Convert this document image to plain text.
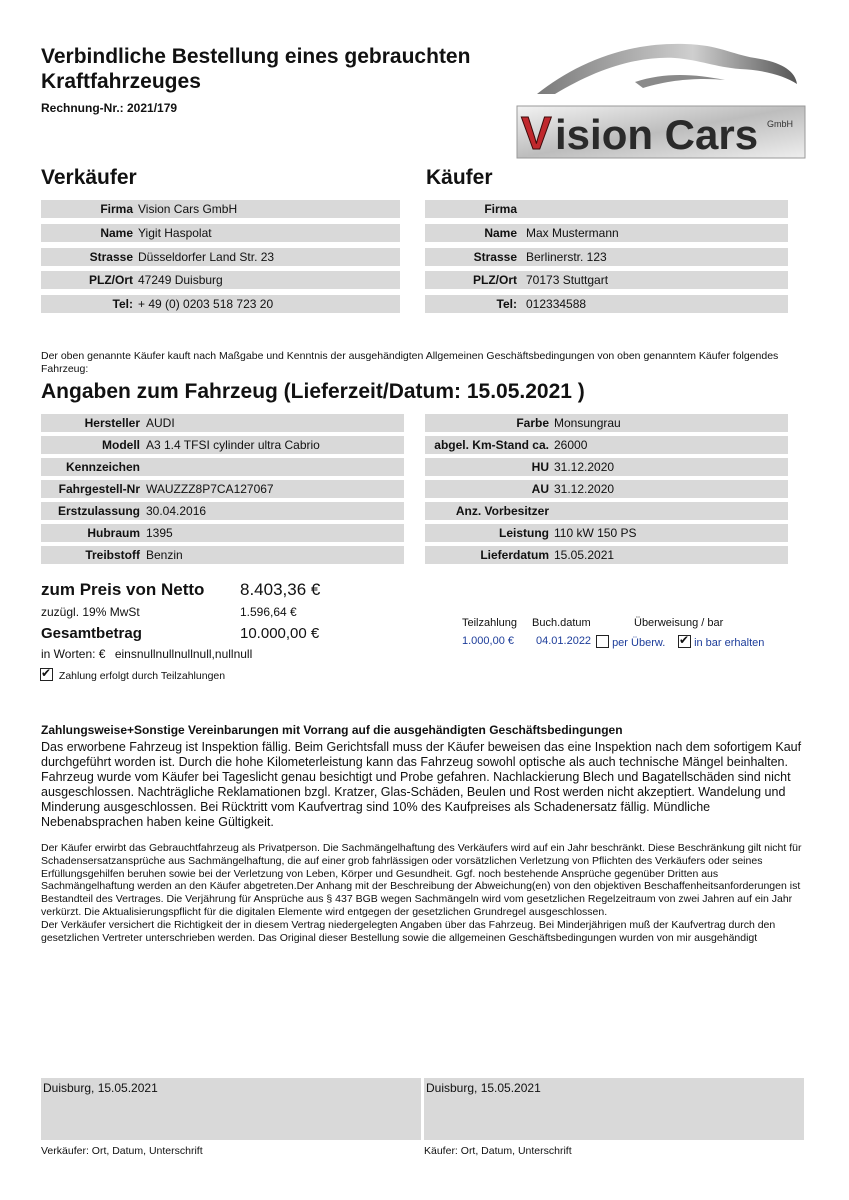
Verbindliche Bestellung eines gebrauchten Kraftfahrzeuges
Rechnung-Nr.: 2021/179	V ision Cars GmbH
Verkäufer	Käufer
Firma Vision Cars GmbH
Name Yigit Haspolat
Strasse Düsseldorfer Land Str. 23
PLZ/Ort 47249 Duisburg
Tel: + 49 (0) 0203 518 723 20
Firma
Name Max Mustermann
Strasse Berlinerstr. 123
PLZ/Ort 70173 Stuttgart
Tel: 012334588
Der oben genannte Käufer kauft nach Maßgabe und Kenntnis der ausgehändigten Allgemeinen Geschäftsbedingungen von oben genanntem Käufer folgendes Fahrzeug:
Angaben zum Fahrzeug (Lieferzeit/Datum: 15.05.2021 )
Hersteller AUDI
Modell A3 1.4 TFSI cylinder ultra Cabrio
Kennzeichen
Fahrgestell-Nr WAUZZZ8P7CA127067
Erstzulassung 30.04.2016
Hubraum 1395
Treibstoff Benzin
Farbe Monsungrau
abgel. Km-Stand ca. 26000
HU 31.12.2020
AU 31.12.2020
Anz. Vorbesitzer
Leistung 110 kW 150 PS
Lieferdatum 15.05.2021
zum Preis von Netto 8.403,36 €
zuzügl. 19% MwSt	1.596,64 €
Gesamtbetrag	10.000,00 €
in Worten: € einsnullnullnullnull,nullnull
✔ Zahlung erfolgt durch Teilzahlungen
Teilzahlung Buch.datum	Überweisung / bar
1.000,00 € 04.01.2022	per Überw.
✔	in bar erhalten
Zahlungsweise+Sonstige Vereinbarungen mit Vorrang auf die ausgehändigten Geschäftsbedingungen
Das erworbene Fahrzeug ist Inspektion fällig. Beim Gerichtsfall muss der Käufer beweisen das eine Inspektion nach dem sofortigem Kauf durchgeführt worden ist. Durch die hohe Kilometerleistung kann das Fahrzeug sowohl optische als auch technische Mängel beinhalten. Fahrzeug wurde vom Käufer bei Tageslicht genau besichtigt und Probe gefahren. Nachlackierung Blech und Bagatellschäden sind nicht ausgeschlossen. Nachträgliche Reklamationen bzgl. Kratzer, Glas-Schäden, Beulen und Rost werden nicht akzeptiert. Wandelung und Minderung ausgeschlossen. Bei Rücktritt vom Kaufvertrag sind 10% des Kaufpreises als Schadenersatz fällig. Mündliche Nebenabsprachen haben keine Gültigkeit.
Der Käufer erwirbt das Gebrauchtfahrzeug als Privatperson. Die Sachmängelhaftung des Verkäufers wird auf ein Jahr beschränkt. Diese Beschränkung gilt nicht für Schadensersatzansprüche aus Sachmängelhaftung, die auf einer grob fahrlässigen oder vorsätzlichen Verletzung von Pflichten des Verkäufers oder seines Erfüllungsgehilfen beruhen sowie bei der Verletzung von Leben, Körper und Gesundheit. Ggf. noch bestehende Ansprüche gegenüber Dritten aus Sachmängelhaftung werden an den Käufer abgetreten.Der Anhang mit der Beschreibung der Abweichung(en) von den objektiven Beschaffenheitsanforderungen ist Bestandteil des Vertrages. Die Verjährung für Ansprüche aus § 437 BGB wegen Sachmängeln wird vom gesetzlichen Regelzeitraum von zwei Jahren auf ein Jahr verkürzt. Die Aktualisierungspflicht für die digitalen Elemente wird entgegen der gesetzlichen Grundregel ausgeschlossen.
Der Verkäufer versichert die Richtigkeit der in diesem Vertrag niedergelegten Angaben über das Fahrzeug. Bei Minderjährigen muß der Kaufvertrag durch den gesetzlichen Vertreter unterschrieben werden. Das Original dieser Bestellung sowie die allgemeinen Geschäftsbedingungen wurden von mir ausgehändigt
Duisburg, 15.05.2021	Duisburg, 15.05.2021
Verkäufer: Ort, Datum, Unterschrift	Käufer: Ort, Datum, Unterschrift
